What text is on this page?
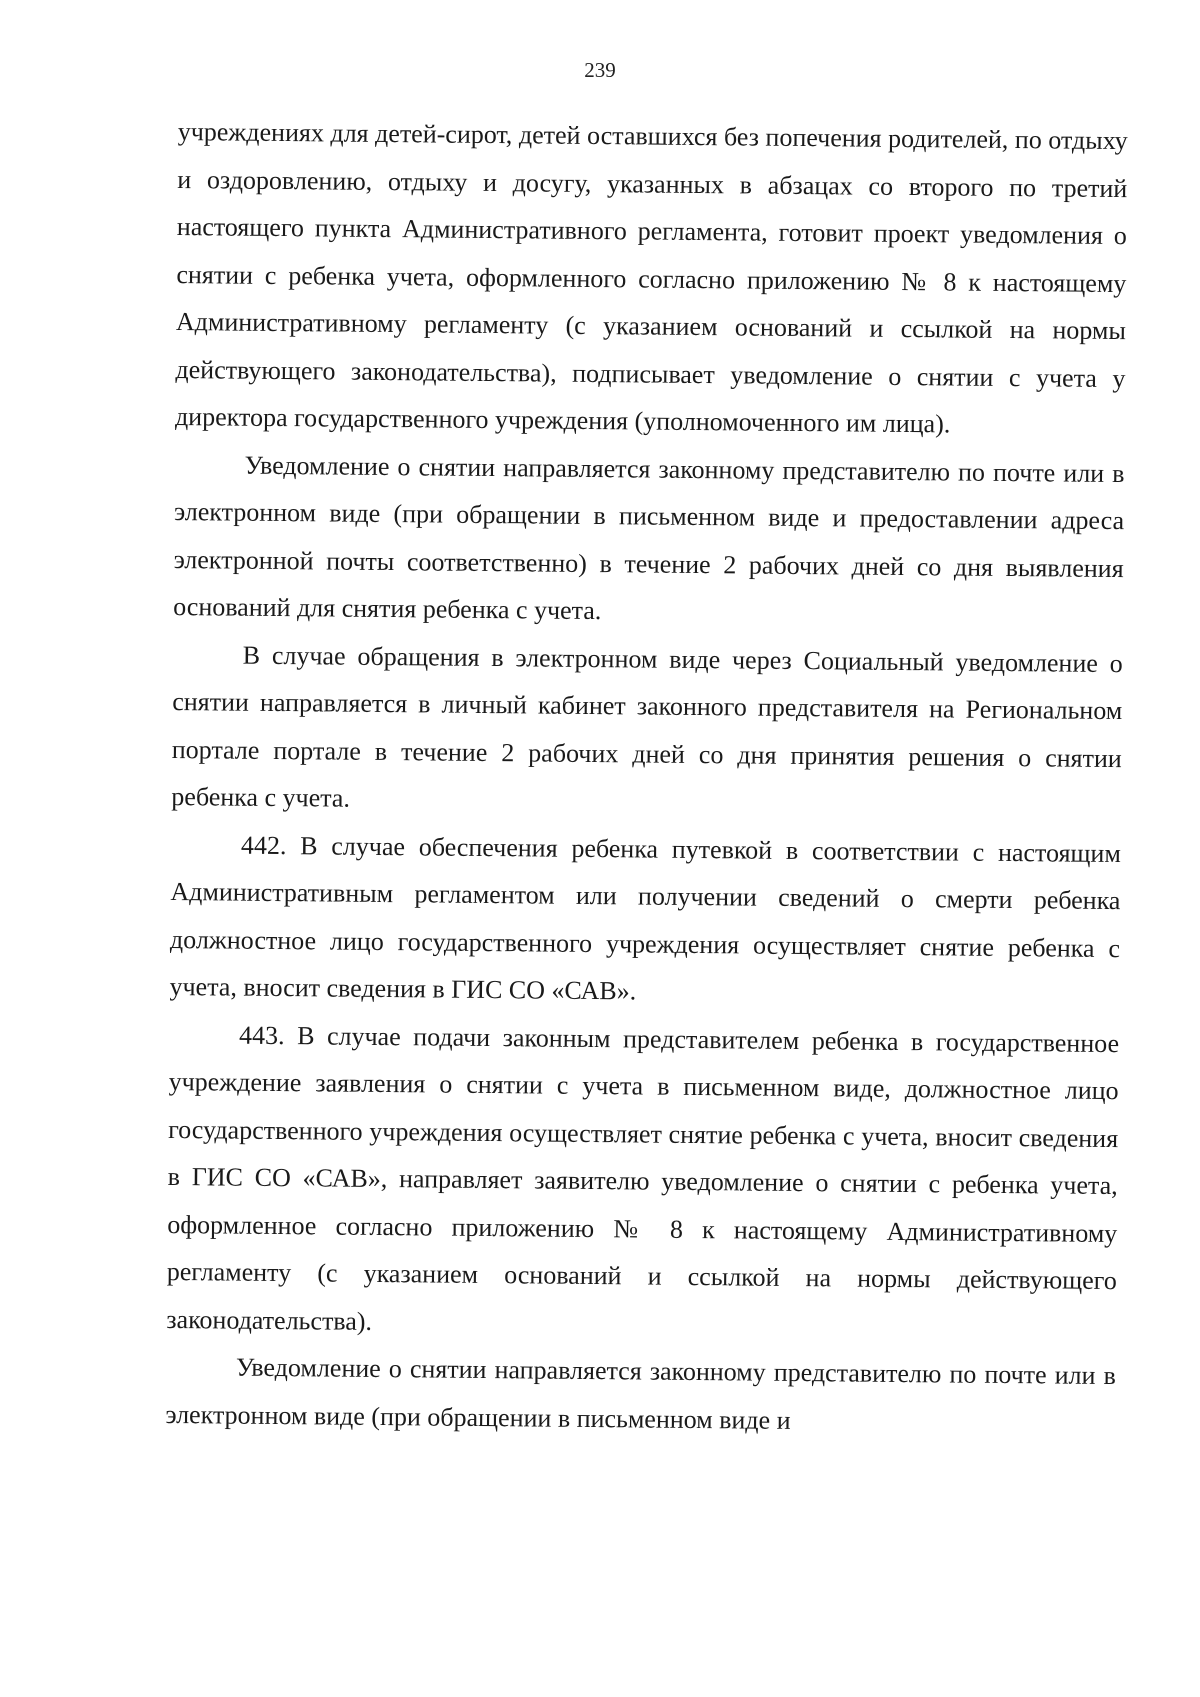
239

учреждениях для детей-сирот, детей оставшихся без попечения родителей, по отдыху и оздоровлению, отдыху и досугу, указанных в абзацах со второго по третий настоящего пункта Административного регламента, готовит проект уведомления о снятии с ребенка учета, оформленного согласно приложению № 8 к настоящему Административному регламенту (с указанием оснований и ссылкой на нормы действующего законодательства), подписывает уведомление о снятии с учета у директора государственного учреждения (уполномоченного им лица).

Уведомление о снятии направляется законному представителю по почте или в электронном виде (при обращении в письменном виде и предоставлении адреса электронной почты соответственно) в течение 2 рабочих дней со дня выявления оснований для снятия ребенка с учета.

В случае обращения в электронном виде через Социальный уведомление о снятии направляется в личный кабинет законного представителя на Региональном портале портале в течение 2 рабочих дней со дня принятия решения о снятии ребенка с учета.

442. В случае обеспечения ребенка путевкой в соответствии с настоящим Административным регламентом или получении сведений о смерти ребенка должностное лицо государственного учреждения осуществляет снятие ребенка с учета, вносит сведения в ГИС СО «САВ».

443. В случае подачи законным представителем ребенка в государственное учреждение заявления о снятии с учета в письменном виде, должностное лицо государственного учреждения осуществляет снятие ребенка с учета, вносит сведения в ГИС СО «САВ», направляет заявителю уведомление о снятии с ребенка учета, оформленное согласно приложению № 8 к настоящему Административному регламенту (с указанием оснований и ссылкой на нормы действующего законодательства).

Уведомление о снятии направляется законному представителю по почте или в электронном виде (при обращении в письменном виде и
